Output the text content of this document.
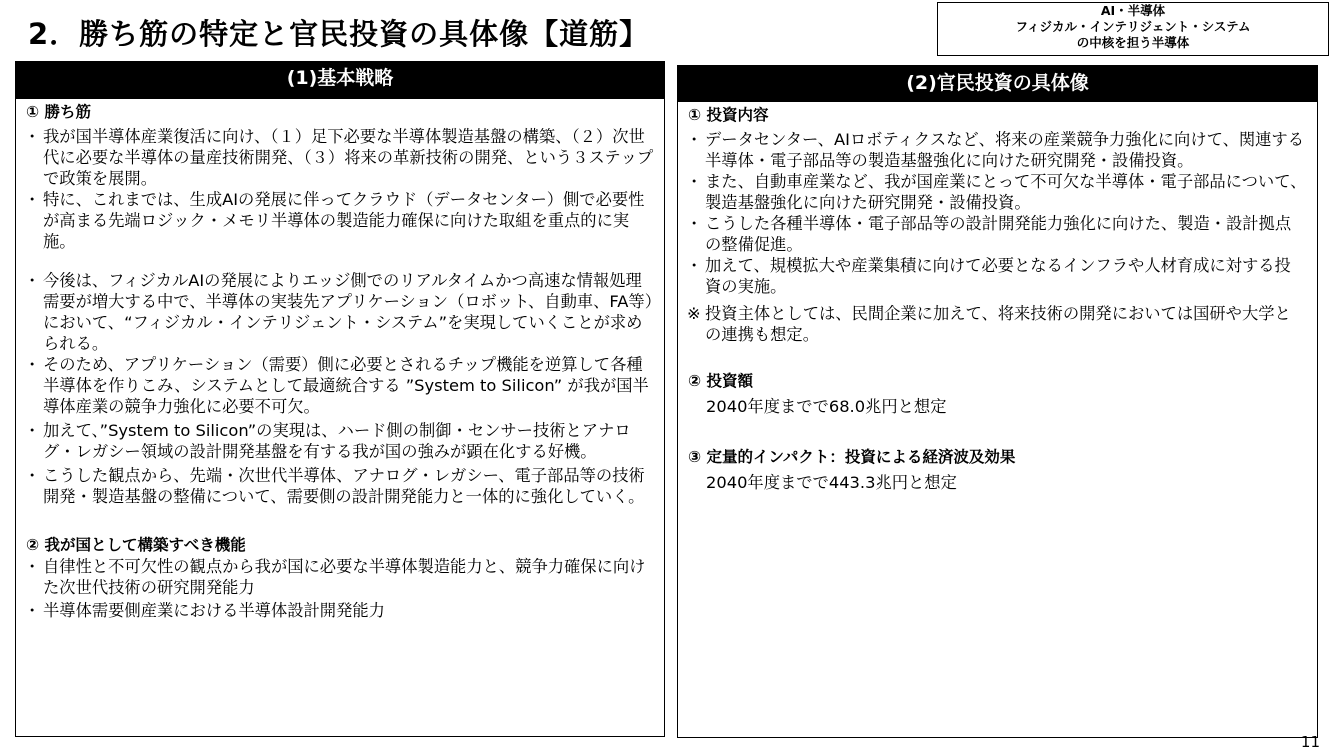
2．勝ち筋の特定と官民投資の具体像【道筋】
AI・半導体
フィジカル・インテリジェント・システム
の中核を担う半導体
(1)基本戦略

① 勝ち筋

・ 我が国半導体産業復活に向け、（１）足下必要な半導体製造基盤の構築、（２）次世代に必要な半導体の量産技術開発、（３）将来の革新技術の開発、という３ステップで政策を展開。

・ 特に、これまでは、生成AIの発展に伴ってクラウド（データセンター）側で必要性が高まる先端ロジック・メモリ半導体の製造能力確保に向けた取組を重点的に実施。

・ 今後は、フィジカルAIの発展によりエッジ側でのリアルタイムかつ高速な情報処理需要が増大する中で、半導体の実装先アプリケーション（ロボット、自動車、FA等）において、“フィジカル・インテリジェント・システム”を実現していくことが求められる。

・ そのため、アプリケーション（需要）側に必要とされるチップ機能を逆算して各種半導体を作りこみ、システムとして最適統合する ”System to Silicon” が我が国半導体産業の競争力強化に必要不可欠。

・ 加えて、”System to Silicon”の実現は、ハード側の制御・センサー技術とアナログ・レガシー領域の設計開発基盤を有する我が国の強みが顕在化する好機。

・ こうした観点から、先端・次世代半導体、アナログ・レガシー、電子部品等の技術開発・製造基盤の整備について、需要側の設計開発能力と一体的に強化していく。

② 我が国として構築すべき機能

・ 自律性と不可欠性の観点から我が国に必要な半導体製造能力と、競争力確保に向けた次世代技術の研究開発能力

・ 半導体需要側産業における半導体設計開発能力

(2)官民投資の具体像

① 投資内容

・ データセンター、AIロボティクスなど、将来の産業競争力強化に向けて、関連する半導体・電子部品等の製造基盤強化に向けた研究開発・設備投資。

・ また、自動車産業など、我が国産業にとって不可欠な半導体・電子部品について、製造基盤強化に向けた研究開発・設備投資。

・ こうした各種半導体・電子部品等の設計開発能力強化に向けた、製造・設計拠点の整備促進。

・ 加えて、規模拡大や産業集積に向けて必要となるインフラや人材育成に対する投資の実施。

※ 投資主体としては、民間企業に加えて、将来技術の開発においては国研や大学との連携も想定。

② 投資額

2040年度までで68.0兆円と想定

③ 定量的インパクト：投資による経済波及効果

2040年度までで443.3兆円と想定

11
